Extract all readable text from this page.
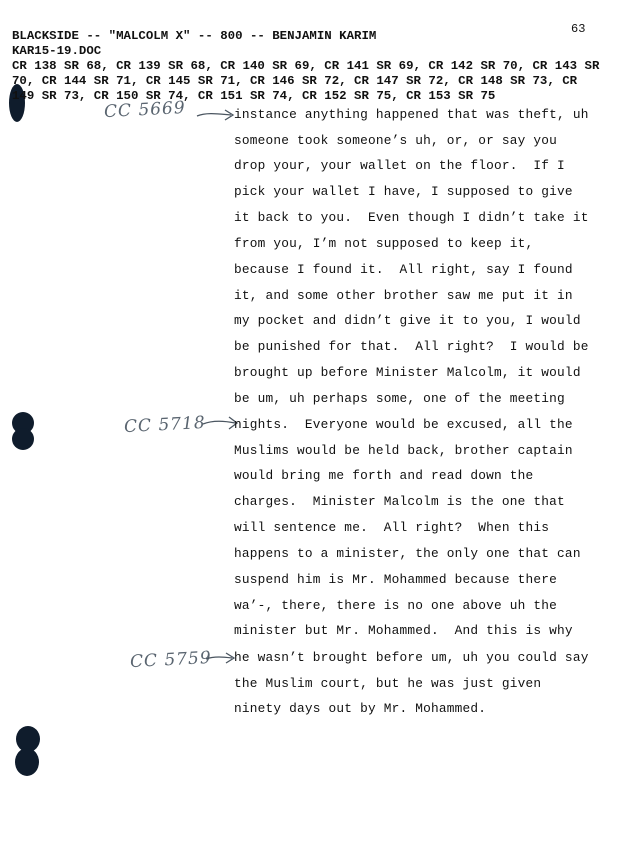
63
BLACKSIDE -- "MALCOLM X" -- 800 -- BENJAMIN KARIM
KAR15-19.DOC
CR 138 SR 68, CR 139 SR 68, CR 140 SR 69, CR 141 SR 69, CR 142 SR 70, CR 143 SR
70, CR 144 SR 71, CR 145 SR 71, CR 146 SR 72, CR 147 SR 72, CR 148 SR 73, CR
149 SR 73, CR 150 SR 74, CR 151 SR 74, CR 152 SR 75, CR 153 SR 75
CC 5669
CC 5718
CC 5759
instance anything happened that was theft, uh
someone took someone’s uh, or, or say you
drop your, your wallet on the floor.  If I
pick your wallet I have, I supposed to give
it back to you.  Even though I didn’t take it
from you, I’m not supposed to keep it,
because I found it.  All right, say I found
it, and some other brother saw me put it in
my pocket and didn’t give it to you, I would
be punished for that.  All right?  I would be
brought up before Minister Malcolm, it would
be um, uh perhaps some, one of the meeting
nights.  Everyone would be excused, all the
Muslims would be held back, brother captain
would bring me forth and read down the
charges.  Minister Malcolm is the one that
will sentence me.  All right?  When this
happens to a minister, the only one that can
suspend him is Mr. Mohammed because there
wa’-, there, there is no one above uh the
minister but Mr. Mohammed.  And this is why
he wasn’t brought before um, uh you could say
the Muslim court, but he was just given
ninety days out by Mr. Mohammed.
